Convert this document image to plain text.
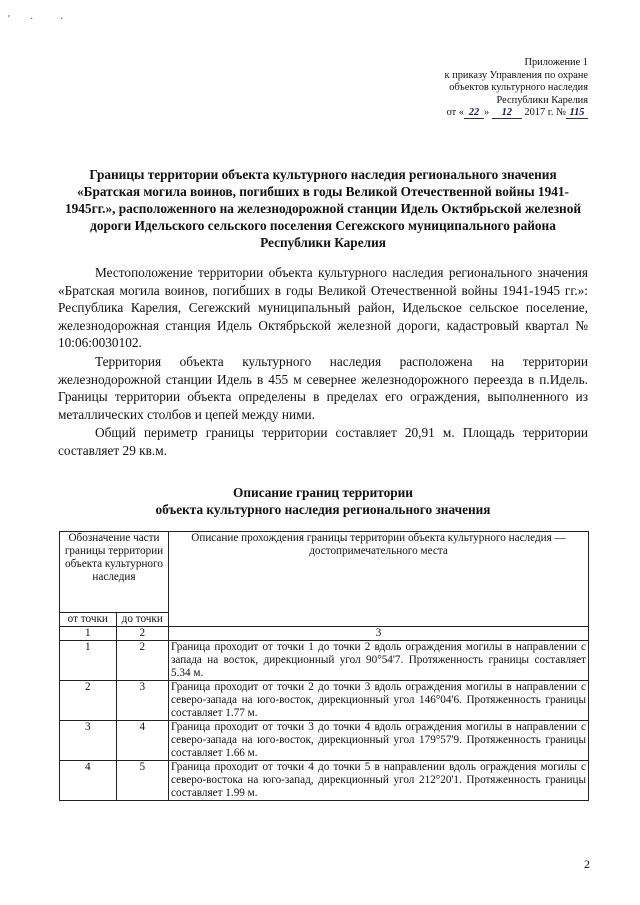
' ·	·
Приложение 1
к приказу Управления по охране
объектов культурного наследия
Республики Карелия
от « 22 » 12 2017 г. № 115
Границы территории объекта культурного наследия регионального значения «Братская могила воинов, погибших в годы Великой Отечественной войны 1941-1945гг.», расположенного на железнодорожной станции Идель Октябрьской железной дороги Идельского сельского поселения Сегежского муниципального района Республики Карелия

Местоположение территории объекта культурного наследия регионального значения «Братская могила воинов, погибших в годы Великой Отечественной войны 1941-1945 гг.»: Республика Карелия, Сегежский муниципальный район, Идельское сельское поселение, железнодорожная станция Идель Октябрьской железной дороги, кадастровый квартал № 10:06:0030102.

Территория объекта культурного наследия расположена на территории железнодорожной станции Идель в 455 м севернее железнодорожного переезда в п.Идель. Границы территории объекта определены в пределах его ограждения, выполненного из металлических столбов и цепей между ними.

Общий периметр границы территории составляет 20,91 м. Площадь территории составляет 29 кв.м.

Описание границ территории
объекта культурного наследия регионального значения
Обозначение части границы территории объекта культурного наследия		Описание прохождения границы территории объекта культурного наследия — достопримечательного места
от точки	до точки	
1	2	3
1	2	Граница проходит от точки 1 до точки 2 вдоль ограждения могилы в направлении с запада на восток, дирекционный угол 90°54'7. Протяженность границы составляет 5.34 м.
2	3	Граница проходит от точки 2 до точки 3 вдоль ограждения могилы в направлении с северо-запада на юго-восток, дирекционный угол 146°04'6. Протяженность границы составляет 1.77 м.
3	4	Граница проходит от точки 3 до точки 4 вдоль ограждения могилы в направлении с северо-запада на юго-восток, дирекционный угол 179°57'9. Протяженность границы составляет 1.66 м.
4	5	Граница проходит от точки 4 до точки 5 в направлении вдоль ограждения могилы с северо-востока на юго-запад, дирекционный угол 212°20'1. Протяженность границы составляет 1.99 м.
2
